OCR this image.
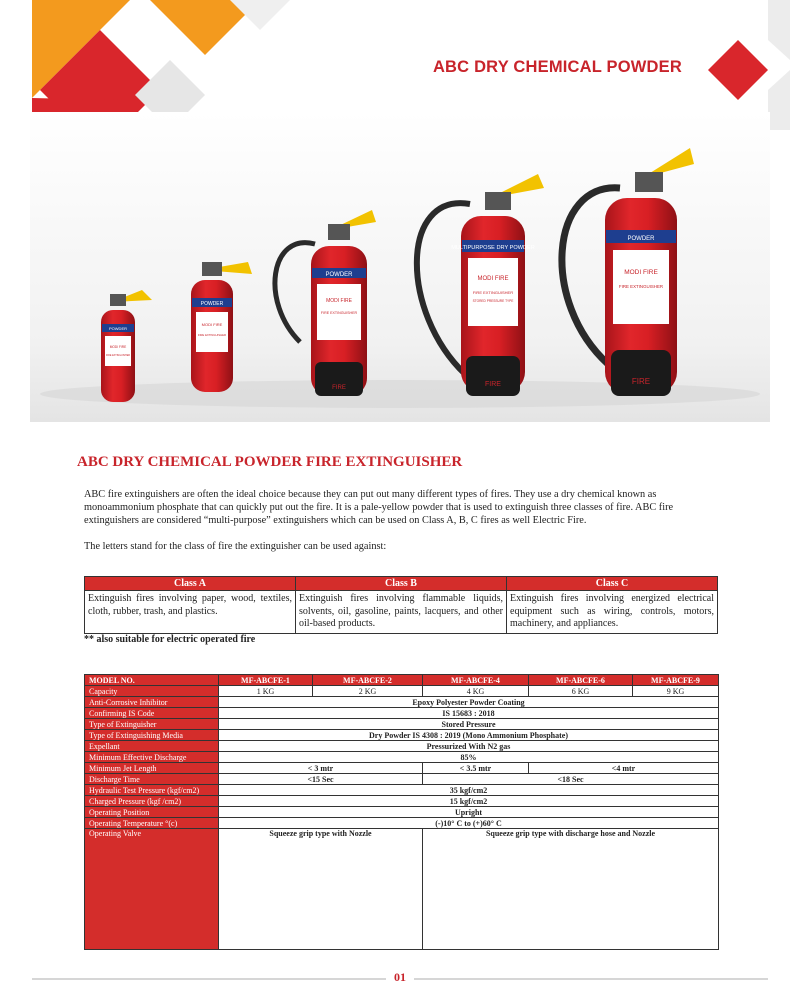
ABC DRY CHEMICAL POWDER
POWDER
MODI FIRE
FIRE EXTINGUISHER
POWDER
MODI FIRE
FIRE EXTINGUISHER
POWDER
MODI FIRE
FIRE EXTINGUISHER
FIRE
MULTIPURPOSE DRY POWDER
MODI FIRE
FIRE EXTINGUISHER
STORED PRESSURE TYPE
FIRE
POWDER
MODI FIRE
FIRE EXTINGUISHER
FIRE
ABC DRY CHEMICAL POWDER FIRE EXTINGUISHER

ABC fire extinguishers are often the ideal choice because they can put out many different types of fires. They use a dry chemical known as monoammonium phosphate that can quickly put out the fire. It is a pale-yellow powder that is used to extinguish three classes of fire. ABC fire extinguishers are considered “multi-purpose” extinguishers which can be used on Class A, B, C fires as well Electric Fire.

The letters stand for the class of fire the extinguisher can be used against:

Class A	Class B	Class C
Extinguish fires involving paper, wood, textiles, cloth, rubber, trash, and plastics.	Extinguish fires involving flammable liquids, solvents, oil, gasoline, paints, lacquers, and other oil-based products.	Extinguish fires involving energized electrical equipment such as wiring, controls, motors, machinery, and appliances.
** also suitable for electric operated fire
MODEL NO.	MF-ABCFE-1	MF-ABCFE-2	MF-ABCFE-4	MF-ABCFE-6	MF-ABCFE-9
Capacity	1 KG	2 KG	4 KG	6 KG	9 KG
Anti-Corrosive Inhibitor	Epoxy Polyester Powder Coating				
Confirming IS Code	IS 15683 : 2018				
Type of Extinguisher	Stored Pressure				
Type of Extinguishing Media	Dry Powder IS 4308 : 2019 (Mono Ammonium Phosphate)				
Expellant	Pressurized With N2 gas				
Minimum Effective Discharge	85%				
Minimum Jet Length	< 3 mtr		< 3.5 mtr	<4 mtr	
Discharge Time	<15 Sec		<18 Sec		
Hydraulic Test Pressure (kgf/cm2)	35 kgf/cm2				
Charged Pressure (kgf /cm2)	15 kgf/cm2				
Operating Position	Upright				
Operating Temperature °(c)	(-)10° C to (+)60° C				
Operating Valve	Squeeze grip type with Nozzle		Squeeze grip type with discharge hose and Nozzle		
01
